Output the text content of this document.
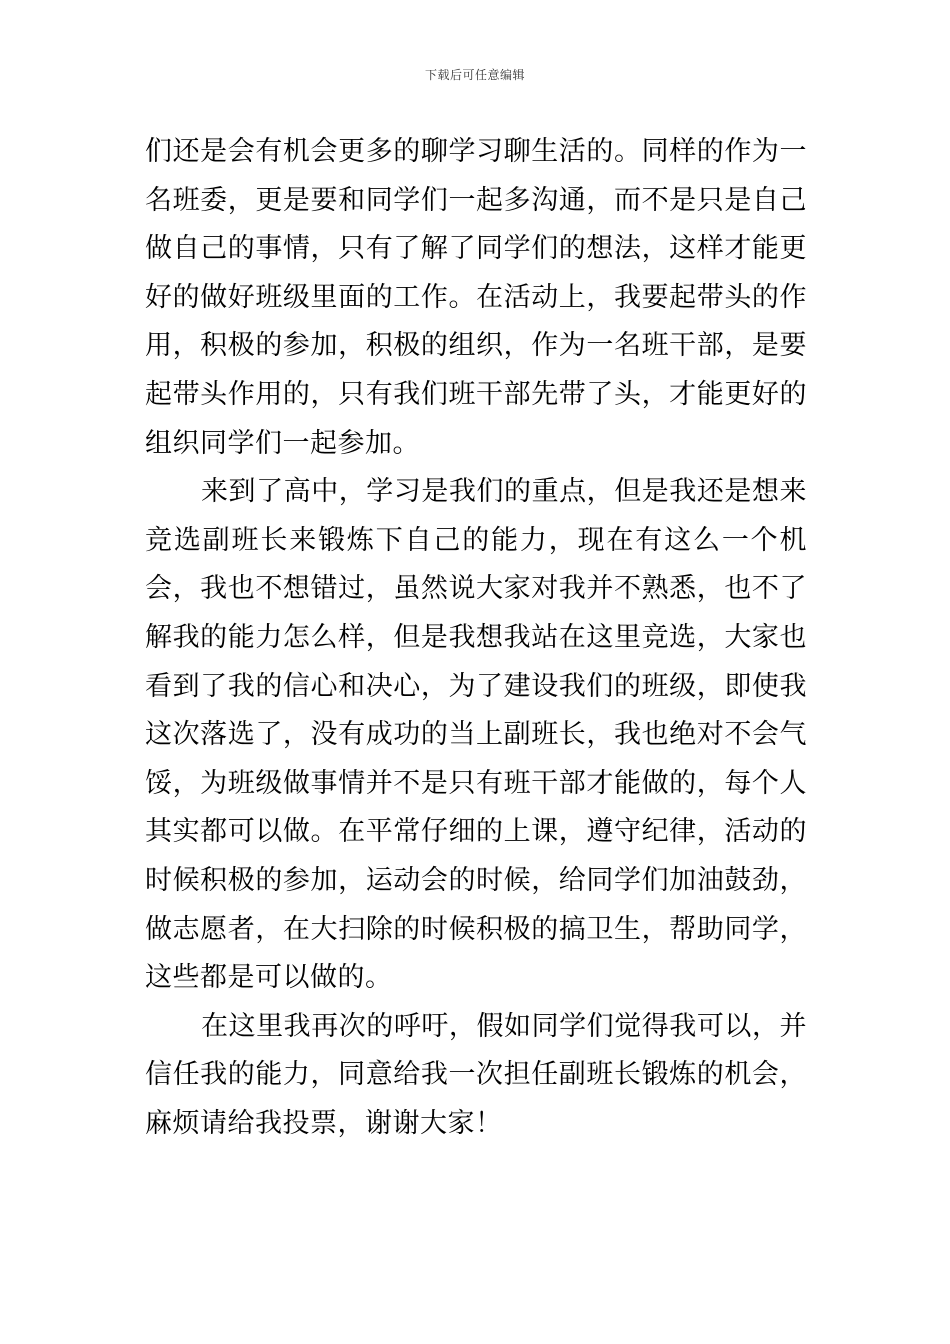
下载后可任意编辑

们还是会有机会更多的聊学习聊生活的。同样的作为一名班委，更是要和同学们一起多沟通，而不是只是自己做自己的事情，只有了解了同学们的想法，这样才能更好的做好班级里面的工作。在活动上，我要起带头的作用，积极的参加，积极的组织，作为一名班干部，是要起带头作用的，只有我们班干部先带了头，才能更好的组织同学们一起参加。

来到了高中，学习是我们的重点，但是我还是想来竞选副班长来锻炼下自己的能力，现在有这么一个机会，我也不想错过，虽然说大家对我并不熟悉，也不了解我的能力怎么样，但是我想我站在这里竞选，大家也看到了我的信心和决心，为了建设我们的班级，即使我这次落选了，没有成功的当上副班长，我也绝对不会气馁，为班级做事情并不是只有班干部才能做的，每个人其实都可以做。在平常仔细的上课，遵守纪律，活动的时候积极的参加，运动会的时候，给同学们加油鼓劲，做志愿者，在大扫除的时候积极的搞卫生，帮助同学，这些都是可以做的。

在这里我再次的呼吁，假如同学们觉得我可以，并信任我的能力，同意给我一次担任副班长锻炼的机会，麻烦请给我投票，谢谢大家！
